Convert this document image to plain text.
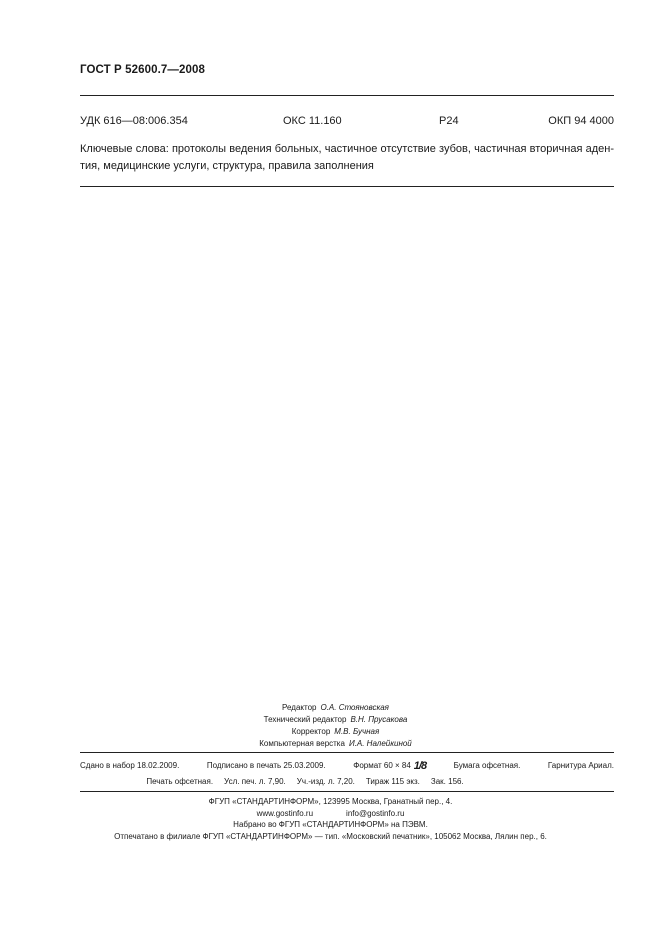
ГОСТ Р 52600.7—2008
УДК 616—08:006.354	ОКС 11.160	Р24	ОКП 94 4000
Ключевые слова: протоколы ведения больных, частичное отсутствие зубов, частичная вторичная аден-
тия, медицинские услуги, структура, правила заполнения
Редактор О.А. Стояновская
Технический редактор В.Н. Прусакова
Корректор М.В. Бучная
Компьютерная верстка И.А. Налейкиной
Сдано в набор 18.02.2009.	Подписано в печать 25.03.2009.	Формат 60 × 84 1/8	Бумага офсетная.	Гарнитура Ариал.
Печать офсетная. Усл. печ. л. 7,90. Уч.-изд. л. 7,20. Тираж 115 экз. Зак. 156.
ФГУП «СТАНДАРТИНФОРМ», 123995 Москва, Гранатный пер., 4.
www.gostinfo.ru	info@gostinfo.ru
Набрано во ФГУП «СТАНДАРТИНФОРМ» на ПЭВМ.
Отпечатано в филиале ФГУП «СТАНДАРТИНФОРМ» — тип. «Московский печатник», 105062 Москва, Лялин пер., 6.
